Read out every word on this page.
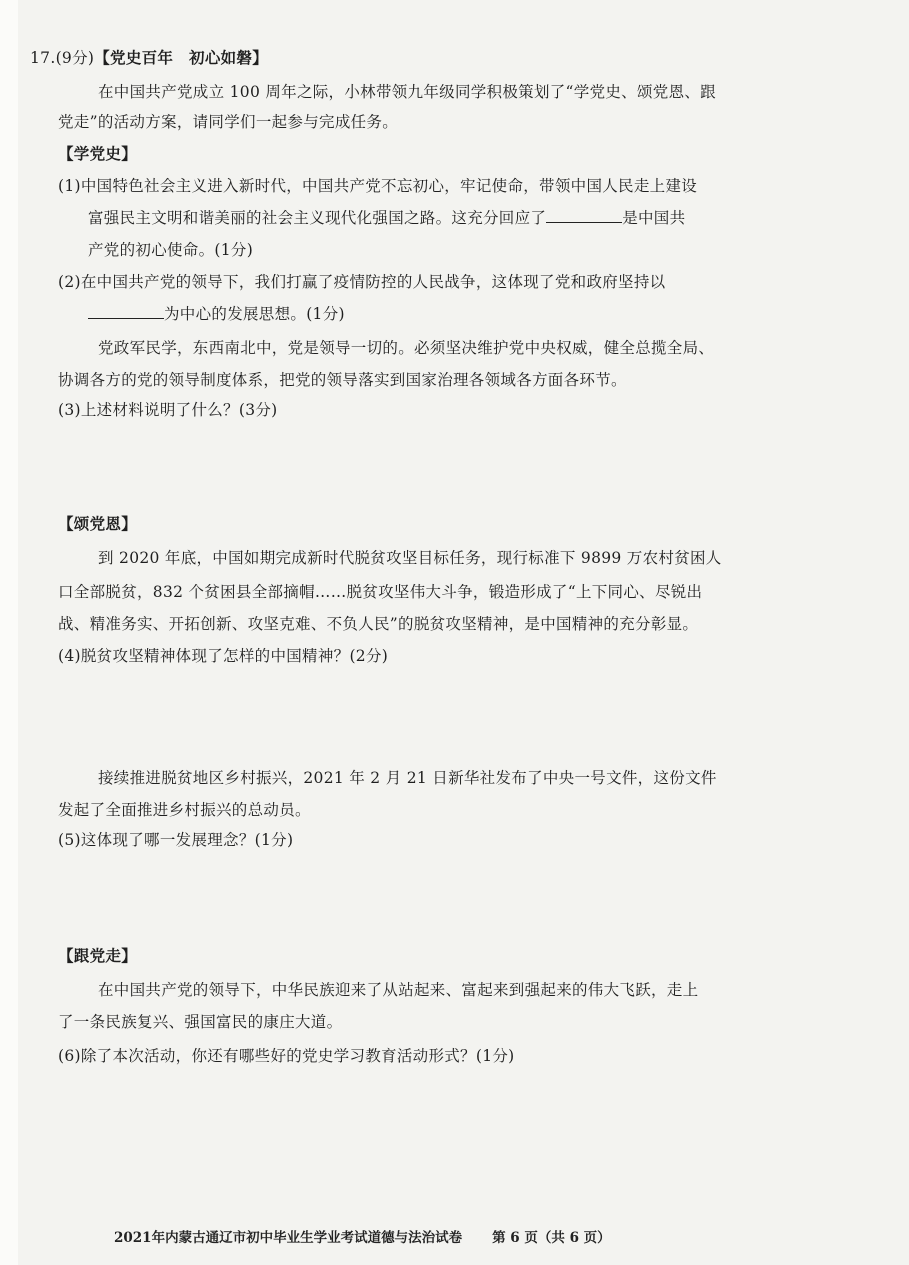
17.(9分)【党史百年　初心如磐】
在中国共产党成立 100 周年之际，小林带领九年级同学积极策划了“学党史、颂党恩、跟
党走”的活动方案，请同学们一起参与完成任务。
【学党史】
(1)中国特色社会主义进入新时代，中国共产党不忘初心，牢记使命，带领中国人民走上建设
富强民主文明和谐美丽的社会主义现代化强国之路。这充分回应了	是中国共
产党的初心使命。(1分)
(2)在中国共产党的领导下，我们打赢了疫情防控的人民战争，这体现了党和政府坚持以
为中心的发展思想。(1分)
党政军民学，东西南北中，党是领导一切的。必须坚决维护党中央权威，健全总揽全局、
协调各方的党的领导制度体系，把党的领导落实到国家治理各领域各方面各环节。
(3)上述材料说明了什么？(3分)
【颂党恩】
到 2020 年底，中国如期完成新时代脱贫攻坚目标任务，现行标准下 9899 万农村贫困人
口全部脱贫，832 个贫困县全部摘帽……脱贫攻坚伟大斗争，锻造形成了“上下同心、尽锐出
战、精准务实、开拓创新、攻坚克难、不负人民”的脱贫攻坚精神，是中国精神的充分彰显。
(4)脱贫攻坚精神体现了怎样的中国精神？(2分)
接续推进脱贫地区乡村振兴，2021 年 2 月 21 日新华社发布了中央一号文件，这份文件
发起了全面推进乡村振兴的总动员。
(5)这体现了哪一发展理念？(1分)
【跟党走】
在中国共产党的领导下，中华民族迎来了从站起来、富起来到强起来的伟大飞跃，走上
了一条民族复兴、强国富民的康庄大道。
(6)除了本次活动，你还有哪些好的党史学习教育活动形式？(1分)
2021年内蒙古通辽市初中毕业生学业考试道德与法治试卷 第 6 页（共 6 页）
